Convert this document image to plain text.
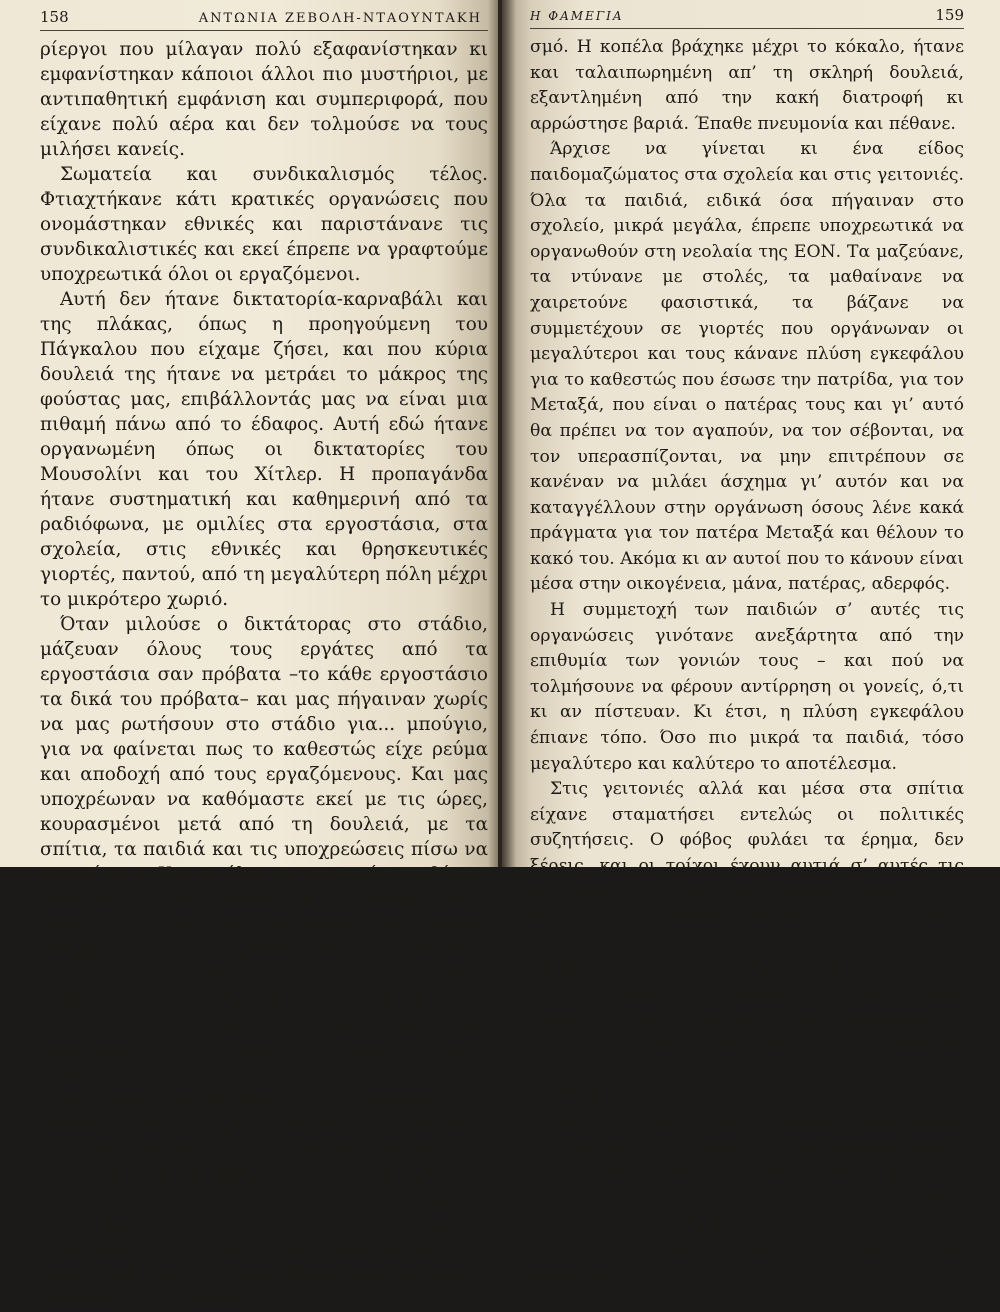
158	ΑΝΤΩΝΙΑ ΖΕΒΟΛΗ-ΝΤΑΟΥΝΤΑΚΗ

ρίεργοι που μίλαγαν πολύ εξαφανίστηκαν κι εμφανίστηκαν κάποιοι άλλοι πιο μυστήριοι, με αντιπαθητική εμφάνιση και συμπεριφορά, που είχανε πολύ αέρα και δεν τολμούσε να τους μιλήσει κανείς.

Σωματεία και συνδικαλισμός τέλος. Φτιαχτήκανε κάτι κρατικές οργανώσεις που ονομάστηκαν εθνικές και παριστάνανε τις συνδικαλιστικές και εκεί έπρεπε να γραφτούμε υποχρεωτικά όλοι οι εργαζόμενοι.

Αυτή δεν ήτανε δικτατορία-καρναβάλι και της πλάκας, όπως η προηγούμενη του Πάγκαλου που είχαμε ζήσει, και που κύρια δουλειά της ήτανε να μετράει το μάκρος της φούστας μας, επιβάλλοντάς μας να είναι μια πιθαμή πάνω από το έδαφος. Αυτή εδώ ήτανε οργανωμένη όπως οι δικτατορίες του Μουσολίνι και του Χίτλερ. Η προπαγάνδα ήτανε συστηματική και καθημερινή από τα ραδιόφωνα, με ομιλίες στα εργοστάσια, στα σχολεία, στις εθνικές και θρησκευτικές γιορτές, παντού, από τη μεγαλύτερη πόλη μέχρι το μικρότερο χωριό.

Όταν μιλούσε ο δικτάτορας στο στάδιο, μάζευαν όλους τους εργάτες από τα εργοστάσια σαν πρόβατα –το κάθε εργοστάσιο τα δικά του πρόβατα– και μας πήγαιναν χωρίς να μας ρωτήσουν στο στάδιο για... μπούγιο, για να φαίνεται πως το καθεστώς είχε ρεύμα και αποδοχή από τους εργαζόμενους. Και μας υποχρέωναν να καθόμαστε εκεί με τις ώρες, κουρασμένοι μετά από τη δουλειά, με τα σπίτια, τα παιδιά και τις υποχρεώσεις πίσω να περιμένουν. Και με όλες τις καιρικές συνθήκες, πότε με τον ήλιο πάνω απ’ τα κεφάλια μας, πότε με το κρύο και τη βροχή, να είμαστε υποχρεωμένοι να παρακολουθούμε βλακώδεις γιορτές και μασκαραλίκια με φωτιές, δάδες αναμμένες, εμβλήματα, φασιστικούς χαιρετισμούς, χορούς, τραγούδια και παρελάσεις από νεαρούς με μπλε σκούρες στολές.

Θυμάμαι συχνά αυτές τις γιορτές στο στάδιο, γιατί τις έχω συνδέσει με το θάνατο μιας συναδέλφου μου εργάτριας. Ήτανε μια νέα κοπέλα κι όμορφη, αλλά πολύ φτωχή, που δεν είχε ρούχα πολύ ζεστά για το χειμώνα. Μας πήγανε σε μια τέτοια γιορτή μια μέρα με πολύ κρύο. Δε φτάνει που ξεπαγιάσαμε, στο τέλος έριξε και μια γερή βροχή και μας έκανε μούσκεμα στο γύρισμα.

Η ΦΑΜΕΓΙΑ	159

σμό. Η κοπέλα βράχηκε μέχρι το κόκαλο, ήτανε και ταλαιπωρημένη απ’ τη σκληρή δουλειά, εξαντλημένη από την κακή διατροφή κι αρρώστησε βαριά. Έπαθε πνευμονία και πέθανε.

Άρχισε να γίνεται κι ένα είδος παιδομαζώματος στα σχολεία και στις γειτονιές. Όλα τα παιδιά, ειδικά όσα πήγαιναν στο σχολείο, μικρά μεγάλα, έπρεπε υποχρεωτικά να οργανωθούν στη νεολαία της ΕΟΝ. Τα μαζεύανε, τα ντύνανε με στολές, τα μαθαίνανε να χαιρετούνε φασιστικά, τα βάζανε να συμμετέχουν σε γιορτές που οργάνωναν οι μεγαλύτεροι και τους κάνανε πλύση εγκεφάλου για το καθεστώς που έσωσε την πατρίδα, για τον Μεταξά, που είναι ο πατέρας τους και γι’ αυτό θα πρέπει να τον αγαπούν, να τον σέβονται, να τον υπερασπίζονται, να μην επιτρέπουν σε κανέναν να μιλάει άσχημα γι’ αυτόν και να καταγγέλλουν στην οργάνωση όσους λένε κακά πράγματα για τον πατέρα Μεταξά και θέλουν το κακό του. Ακόμα κι αν αυτοί που το κάνουν είναι μέσα στην οικογένεια, μάνα, πατέρας, αδερφός.

Η συμμετοχή των παιδιών σ’ αυτές τις οργανώσεις γινότανε ανεξάρτητα από την επιθυμία των γονιών τους – και πού να τολμήσουνε να φέρουν αντίρρηση οι γονείς, ό,τι κι αν πίστευαν. Κι έτσι, η πλύση εγκεφάλου έπιανε τόπο. Όσο πιο μικρά τα παιδιά, τόσο μεγαλύτερο και καλύτερο το αποτέλεσμα.

Στις γειτονιές αλλά και μέσα στα σπίτια είχανε σταματήσει εντελώς οι πολιτικές συζητήσεις. Ο φόβος φυλάει τα έρημα, δεν ξέρεις, και οι τοίχοι έχουν αυτιά σ’ αυτές τις περιπτώσεις. Τόσοι και τόσοι χάσανε τις δουλειές τους, κάποιοι πήγανε εξορία κι άλλοι είχανε μπλεξίματα, τους μαζέψανε στην Ασφάλεια και δεινοπαθήσανε. Άσε που τους περισσότερους τους πήρανε στο λαιμό τους συγγενείς ή φίλοι που τους είχαν εμπιστοσύνη.

Έτσι, τα παιδιά ακούγανε την προπαγάνδα μόνο από τη μια πλευρά και δεν είχανε από πουθενά αντίλογο. Ή, κι όταν υπήρχε, ήτανε μέχρις ενός ορίου. Και το σαράκι προχωρούσε στα παιδάκια και κανείς δεν το πρόσεχε, αφού, εκτός των άλλων, οι μεγάλοι δεν είχαν την πολυτέλεια του χρόνου, απασχολημένοι καθώς ήτανε με το μεροκάματο.

Τα δικά μας παιδιά είχανε πια μεγαλώσει και πηγαίνανε
